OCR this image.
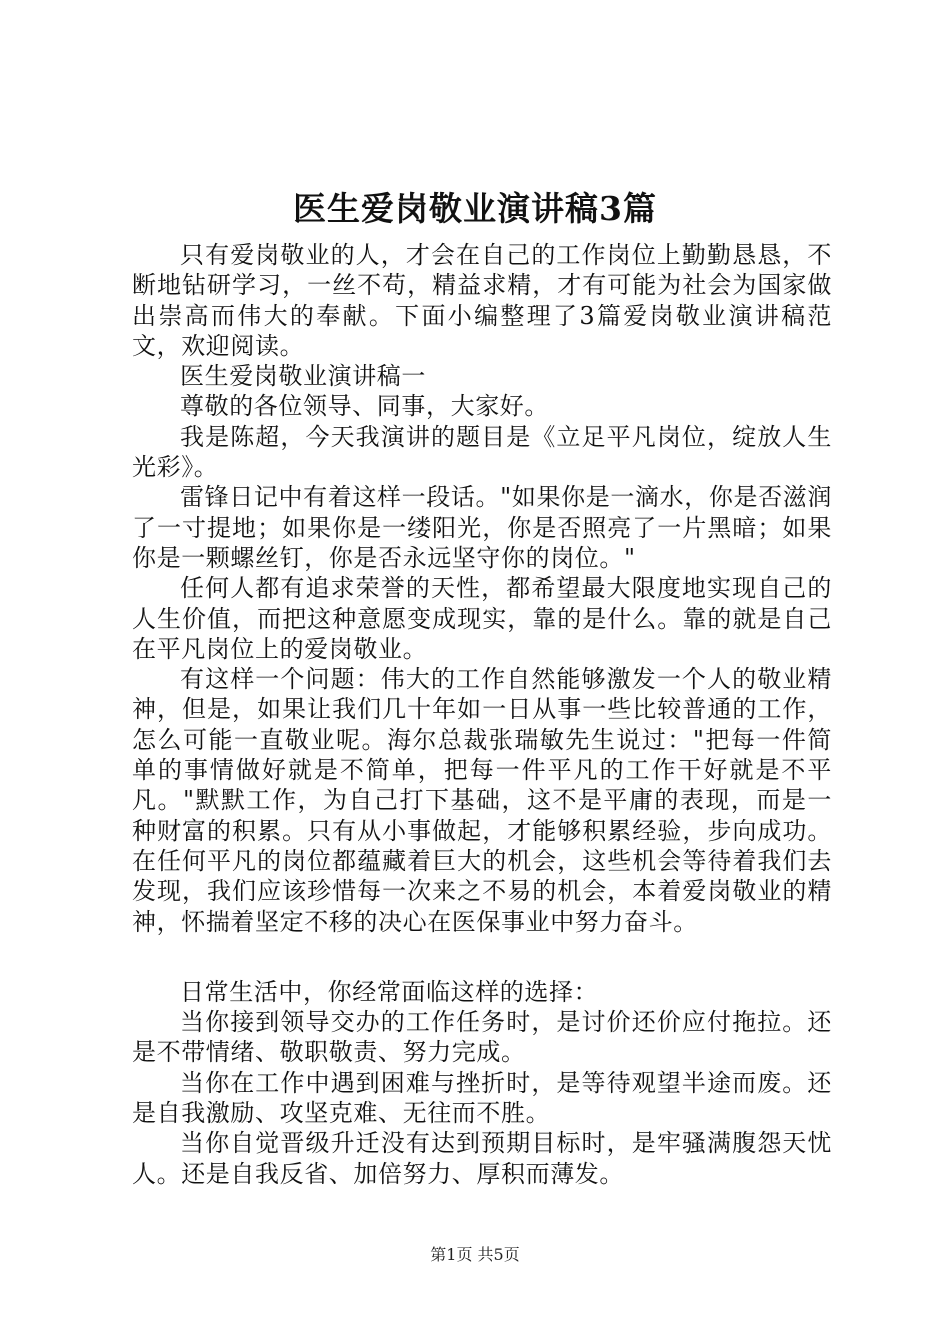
医生爱岗敬业演讲稿3篇

只有爱岗敬业的人，才会在自己的工作岗位上勤勤恳恳，不断地钻研学习，一丝不苟，精益求精，才有可能为社会为国家做出崇高而伟大的奉献。下面小编整理了3篇爱岗敬业演讲稿范文，欢迎阅读。

医生爱岗敬业演讲稿一

尊敬的各位领导、同事，大家好。

我是陈超，今天我演讲的题目是《立足平凡岗位，绽放人生光彩》。

雷锋日记中有着这样一段话。"如果你是一滴水，你是否滋润了一寸提地；如果你是一缕阳光，你是否照亮了一片黑暗；如果你是一颗螺丝钉，你是否永远坚守你的岗位。"

任何人都有追求荣誉的天性，都希望最大限度地实现自己的人生价值，而把这种意愿变成现实，靠的是什么。靠的就是自己在平凡岗位上的爱岗敬业。

有这样一个问题：伟大的工作自然能够激发一个人的敬业精神，但是，如果让我们几十年如一日从事一些比较普通的工作，怎么可能一直敬业呢。海尔总裁张瑞敏先生说过："把每一件简单的事情做好就是不简单，把每一件平凡的工作干好就是不平凡。"默默工作，为自己打下基础，这不是平庸的表现，而是一种财富的积累。只有从小事做起，才能够积累经验，步向成功。在任何平凡的岗位都蕴藏着巨大的机会，这些机会等待着我们去发现，我们应该珍惜每一次来之不易的机会，本着爱岗敬业的精神，怀揣着坚定不移的决心在医保事业中努力奋斗。

日常生活中，你经常面临这样的选择：

当你接到领导交办的工作任务时，是讨价还价应付拖拉。还是不带情绪、敬职敬责、努力完成。

当你在工作中遇到困难与挫折时，是等待观望半途而废。还是自我激励、攻坚克难、无往而不胜。

当你自觉晋级升迁没有达到预期目标时，是牢骚满腹怨天忧人。还是自我反省、加倍努力、厚积而薄发。

第1页 共5页
